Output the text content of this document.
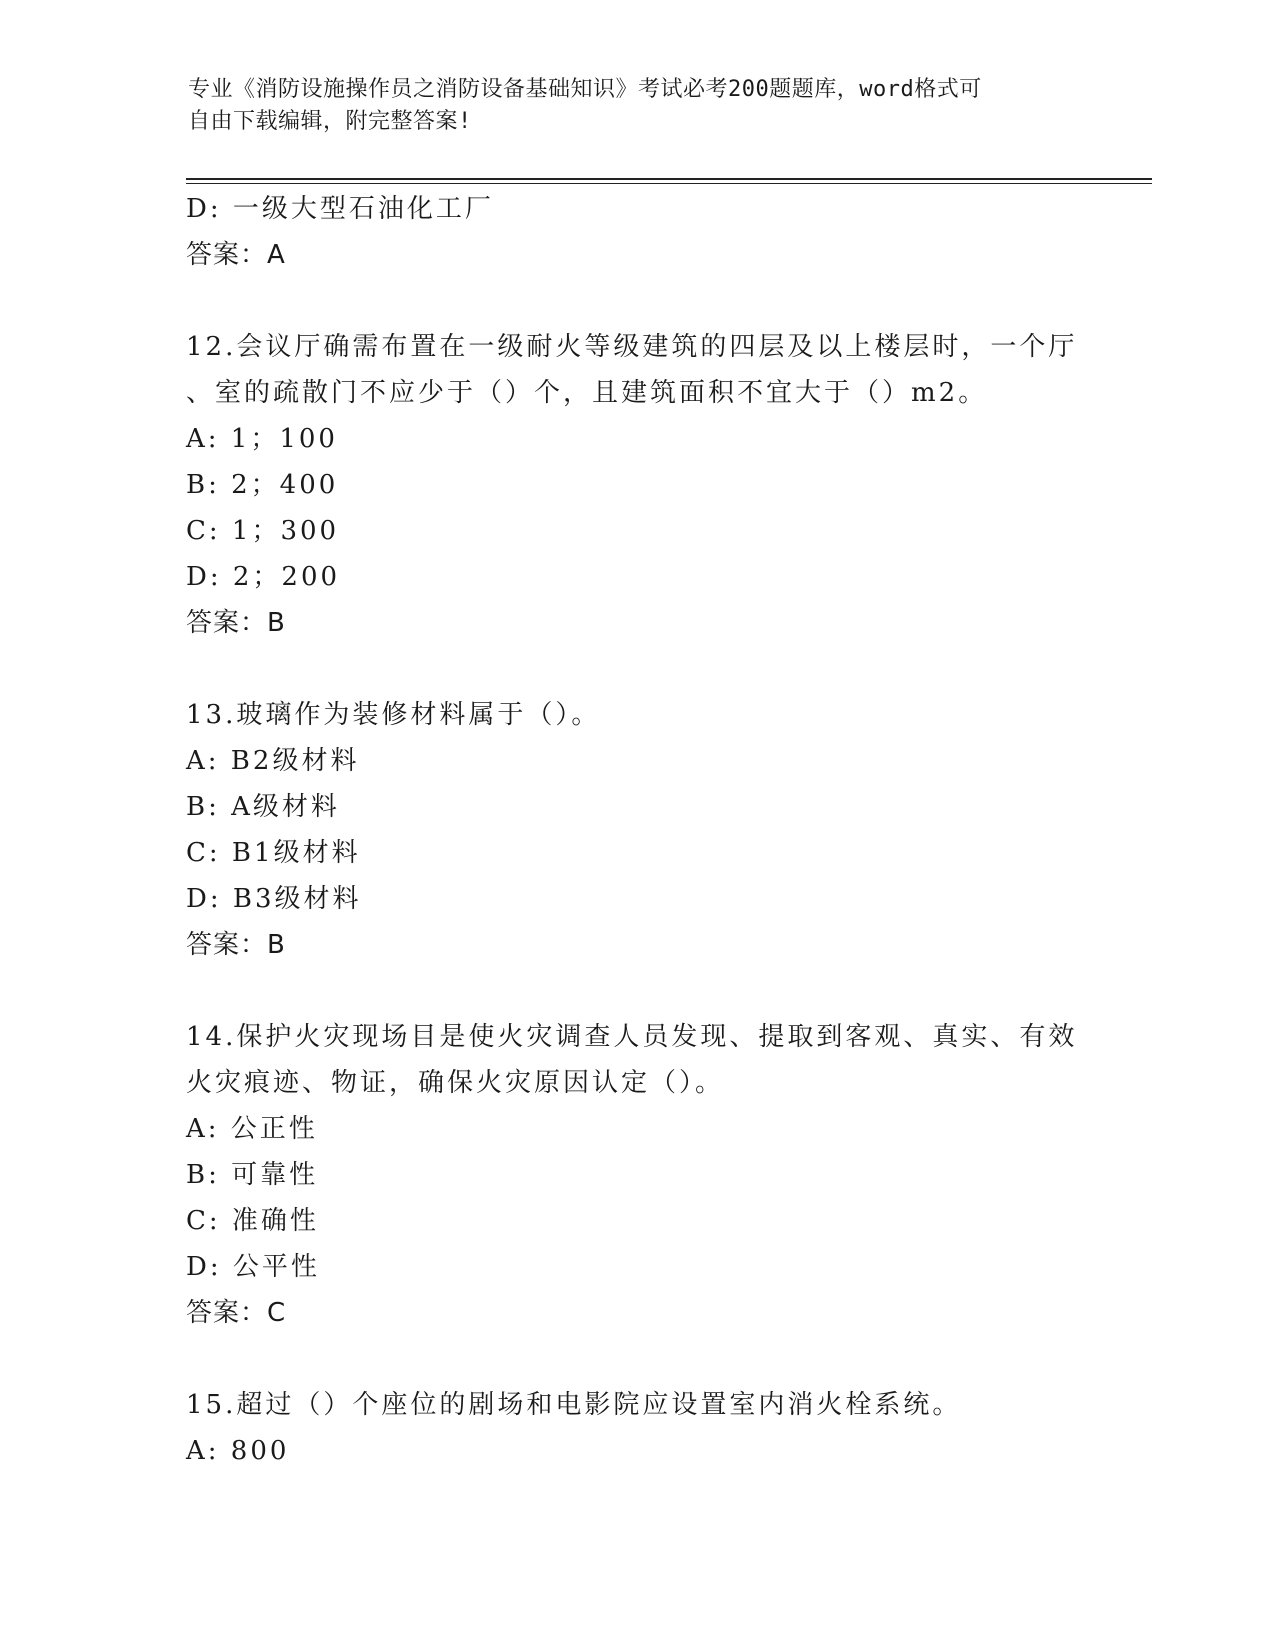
专业《消防设施操作员之消防设备基础知识》考试必考200题题库，word格式可
自由下载编辑，附完整答案!
D: 一级大型石油化工厂
答案：A
12.会议厅确需布置在一级耐火等级建筑的四层及以上楼层时，一个厅
、室的疏散门不应少于（）个，且建筑面积不宜大于（）m2。
A: 1；100
B: 2；400
C: 1；300
D: 2；200
答案：B
13.玻璃作为装修材料属于（）。
A: B2级材料
B: A级材料
C: B1级材料
D: B3级材料
答案：B
14.保护火灾现场目是使火灾调查人员发现、提取到客观、真实、有效
火灾痕迹、物证，确保火灾原因认定（）。
A: 公正性
B: 可靠性
C: 准确性
D: 公平性
答案：C
15.超过（）个座位的剧场和电影院应设置室内消火栓系统。
A: 800
